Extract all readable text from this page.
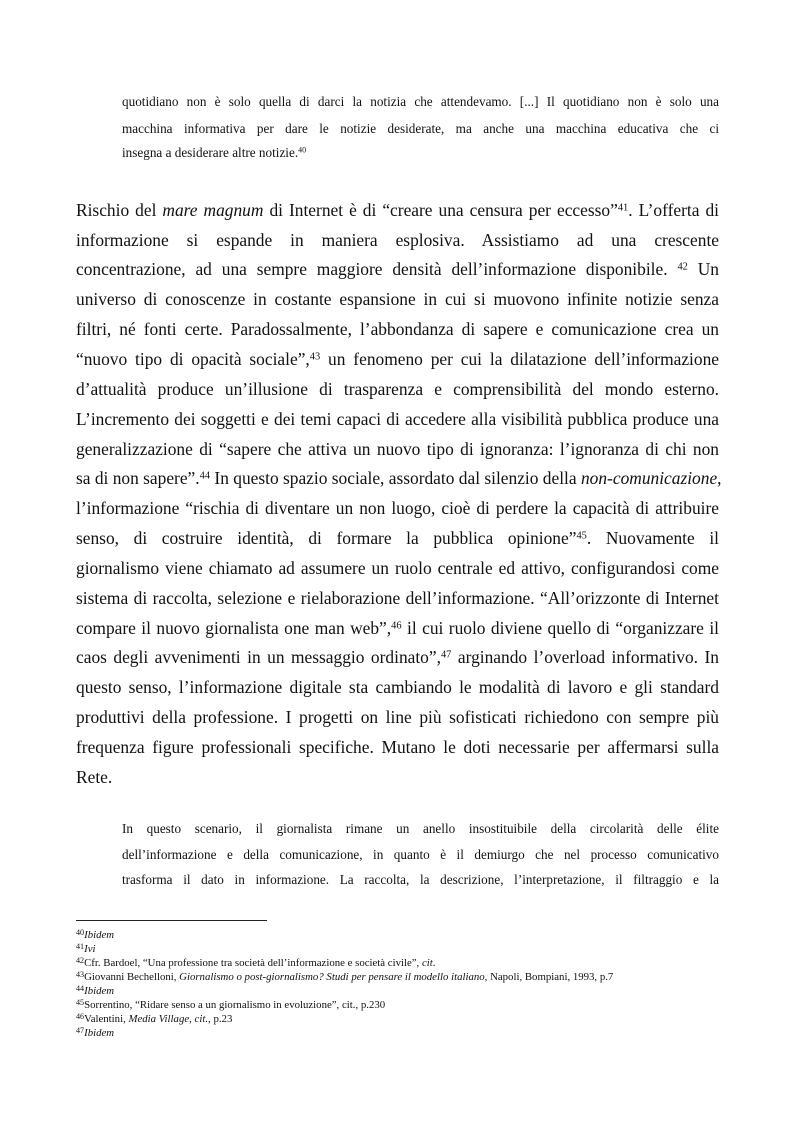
quotidiano non è solo quella di darci la notizia che attendevamo. [...] Il quotidiano non è solo una
macchina informativa per dare le notizie desiderate, ma anche una macchina educativa che ci
insegna a desiderare altre notizie.$^{40}$
Rischio del mare magnum di Internet è di “creare una censura per eccesso”$^{41}$. L’offerta di
informazione si espande in maniera esplosiva. Assistiamo ad una crescente
concentrazione, ad una sempre maggiore densità dell’informazione disponibile. $^{42}$ Un
universo di conoscenze in costante espansione in cui si muovono infinite notizie senza
filtri, né fonti certe. Paradossalmente, l’abbondanza di sapere e comunicazione crea un
“nuovo tipo di opacità sociale”,$^{43}$ un fenomeno per cui la dilatazione dell’informazione
d’attualità produce un’illusione di trasparenza e comprensibilità del mondo esterno.
L’incremento dei soggetti e dei temi capaci di accedere alla visibilità pubblica produce una
generalizzazione di “sapere che attiva un nuovo tipo di ignoranza: l’ignoranza di chi non
sa di non sapere”.$^{44}$ In questo spazio sociale, assordato dal silenzio della non-comunicazione,
l’informazione “rischia di diventare un non luogo, cioè di perdere la capacità di attribuire
senso, di costruire identità, di formare la pubblica opinione”$^{45}$. Nuovamente il
giornalismo viene chiamato ad assumere un ruolo centrale ed attivo, configurandosi come
sistema di raccolta, selezione e rielaborazione dell’informazione. “All’orizzonte di Internet
compare il nuovo giornalista one man web”,$^{46}$ il cui ruolo diviene quello di “organizzare il
caos degli avvenimenti in un messaggio ordinato”,$^{47}$ arginando l’overload informativo. In
questo senso, l’informazione digitale sta cambiando le modalità di lavoro e gli standard
produttivi della professione. I progetti on line più sofisticati richiedono con sempre più
frequenza figure professionali specifiche. Mutano le doti necessarie per affermarsi sulla
Rete.
In questo scenario, il giornalista rimane un anello insostituibile della circolarità delle élite
dell’informazione e della comunicazione, in quanto è il demiurgo che nel processo comunicativo
trasforma il dato in informazione. La raccolta, la descrizione, l’interpretazione, il filtraggio e la
$^{40}$Ibidem
$^{41}$Ivi
$^{42}$Cfr. Bardoel, “Una professione tra società dell’informazione e società civile”, cit.
$^{43}$Giovanni Bechelloni, Giornalismo o post-giornalismo? Studi per pensare il modello italiano, Napoli, Bompiani, 1993, p.7
$^{44}$Ibidem
$^{45}$Sorrentino, “Ridare senso a un giornalismo in evoluzione”, cit., p.230
$^{46}$Valentini, Media Village, cit., p.23
$^{47}$Ibidem
